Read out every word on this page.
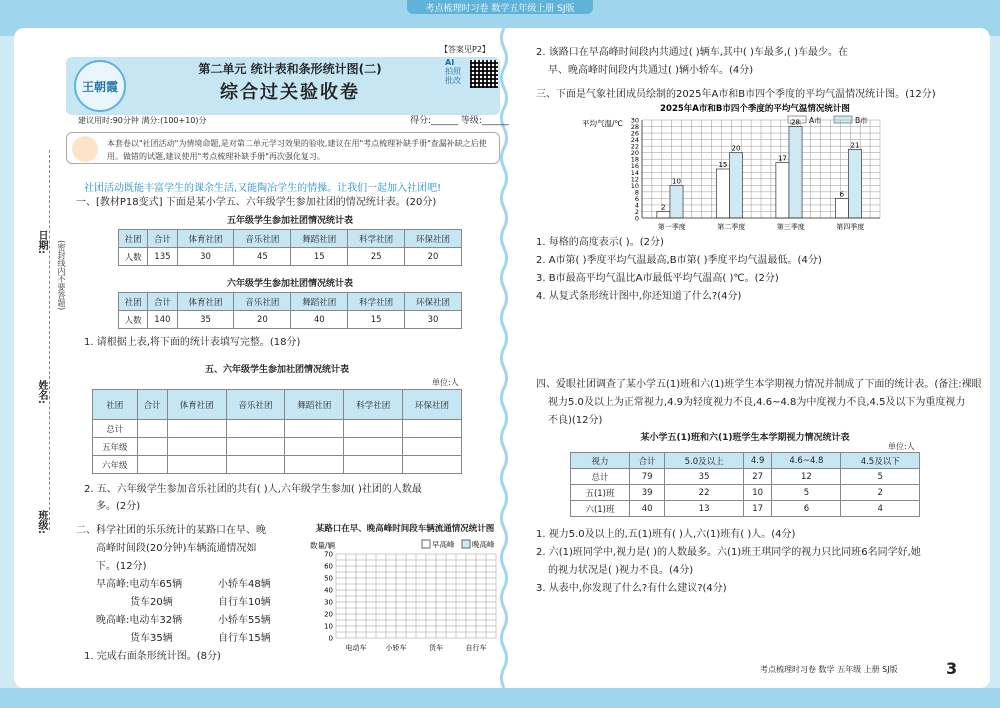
考点梳理时习卷 数学五年级上册 SJ版
日期:
姓名:
班级:
(密封线内不要答题)
王朝霞
第二单元 统计表和条形统计图(二)
综合过关验收卷
【答案见P2】
AI
拍照批改
建议用时:90分钟 满分:(100+10)分	得分:______ 等级:______
本套卷以"社团活动"为情境命题,是对第二单元学习效果的验收,建议在用"考点梳理补缺手册"查漏补缺之后使用。做错的试题,建议使用"考点梳理补缺手册"再次强化复习。
社团活动既能丰富学生的课余生活,又能陶冶学生的情操。让我们一起加入社团吧!
一、[教材P18变式] 下面是某小学五、六年级学生参加社团的情况统计表。(20分)
五年级学生参加社团情况统计表
社团	合计	体育社团	音乐社团	舞蹈社团	科学社团	环保社团
人数	135	30	45	15	25	20
六年级学生参加社团情况统计表
社团	合计	体育社团	音乐社团	舞蹈社团	科学社团	环保社团
人数	140	35	20	40	15	30
1. 请根据上表,将下面的统计表填写完整。(18分)
五、六年级学生参加社团情况统计表
单位:人
社团	合计	体育社团	音乐社团	舞蹈社团	科学社团	环保社团
总计						
五年级						
六年级						
2. 五、六年级学生参加音乐社团的共有( )人,六年级学生参加( )社团的人数最
多。(2分)
二、科学社团的乐乐统计的某路口在早、晚
高峰时间段(20分钟)车辆流通情况如
下。(12分)
早高峰:电动车65辆	小轿车48辆
货车20辆	自行车10辆
晚高峰:电动车32辆	小轿车55辆
货车35辆	自行车15辆
1. 完成右面条形统计图。(8分)
某路口在早、晚高峰时间段车辆流通情况统计图
数量/辆	早高峰 晚高峰
70
60
50
40
30
20
10
0
电动车	小轿车	货车	自行车
2. 该路口在早高峰时间段内共通过( )辆车,其中( )车最多,( )车最少。在
早、晚高峰时间段内共通过( )辆小轿车。(4分)
三、下面是气象社团成员绘制的2025年A市和B市四个季度的平均气温情况统计图。(12分)
2025年A市和B市四个季度的平均气温情况统计图
平均气温/℃	A市	B市
0
2
4
6
8
10
12
14
16
18
20
22
24
26
28
30
2
10
第一季度
15
20
第二季度
17
28
第三季度
6
21
第四季度
1. 每格的高度表示( )。(2分)
2. A市第( )季度平均气温最高,B市第( )季度平均气温最低。(4分)
3. B市最高平均气温比A市最低平均气温高( )℃。(2分)
4. 从复式条形统计图中,你还知道了什么?(4分)
四、爱眼社团调查了某小学五(1)班和六(1)班学生本学期视力情况并制成了下面的统计表。(备注:裸眼
视力5.0及以上为正常视力,4.9为轻度视力不良,4.6~4.8为中度视力不良,4.5及以下为重度视力
不良)(12分)
某小学五(1)班和六(1)班学生本学期视力情况统计表
单位:人
视力	合计	5.0及以上	4.9	4.6~4.8	4.5及以下
总计	79	35	27	12	5
五(1)班	39	22	10	5	2
六(1)班	40	13	17	6	4
1. 视力5.0及以上的,五(1)班有( )人,六(1)班有( )人。(4分)
2. 六(1)班同学中,视力是( )的人数最多。六(1)班王琪同学的视力只比同班6名同学好,她
的视力状况是( )视力不良。(4分)
3. 从表中,你发现了什么?有什么建议?(4分)
考点梳理时习卷 数学 五年级 上册 SJ版	3
